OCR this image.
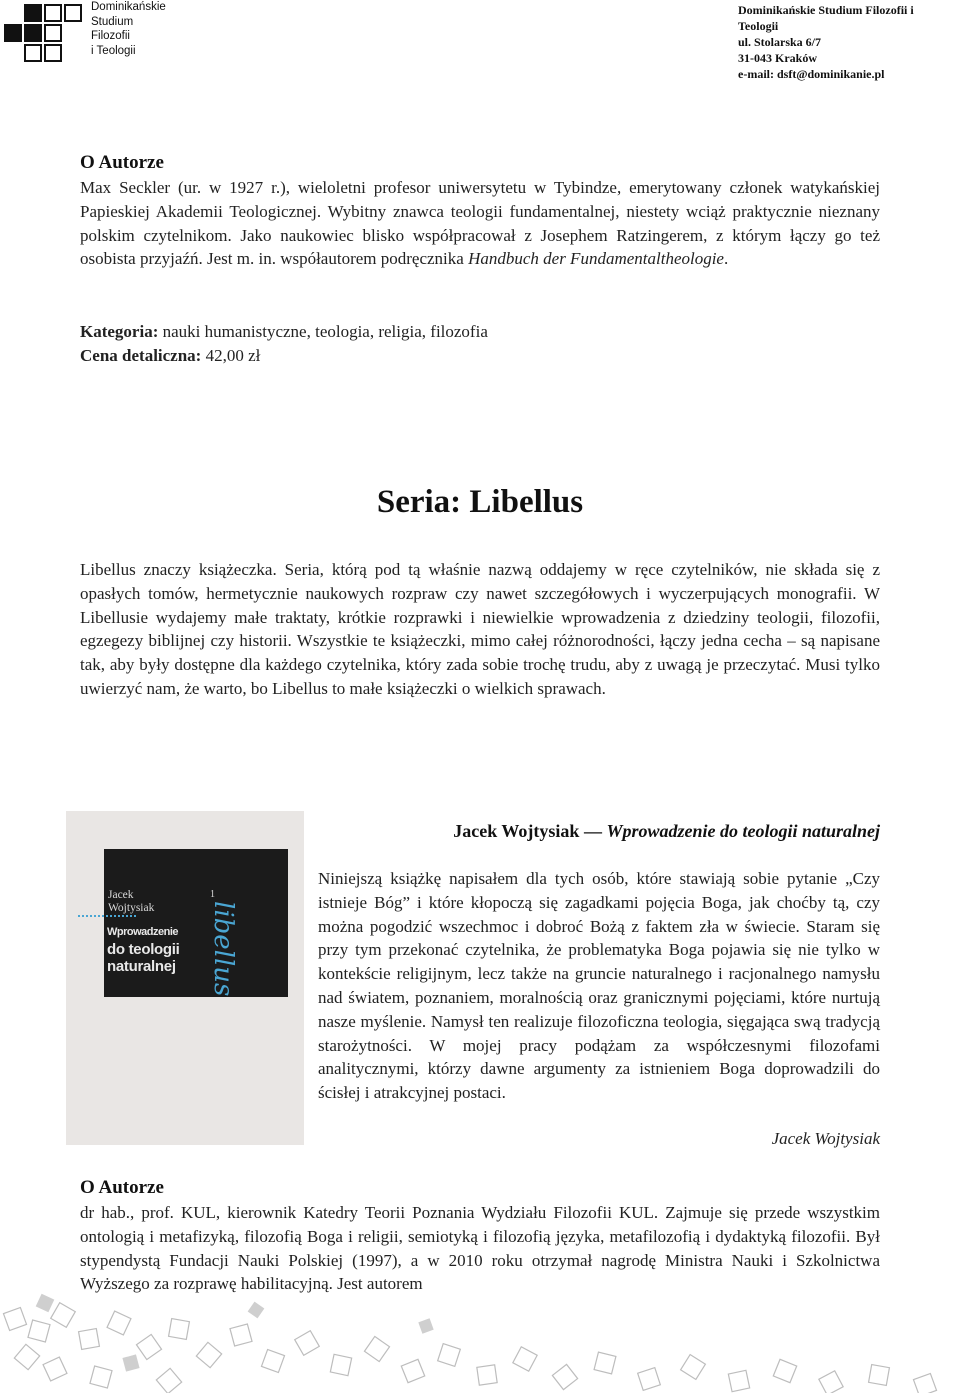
Dominikańskie
Studium
Filozofii
i Teologii
Dominikańskie Studium Filozofii i Teologii
ul. Stolarska 6/7
31-043 Kraków
e-mail: dsft@dominikanie.pl
O Autorze
Max Seckler (ur. w 1927 r.), wieloletni profesor uniwersytetu w Tybindze, emerytowany członek watykańskiej Papieskiej Akademii Teologicznej. Wybitny znawca teologii fundamentalnej, niestety wciąż praktycznie nieznany polskim czytelnikom. Jako naukowiec blisko współpracował z Josephem Ratzingerem, z którym łączy go też osobista przyjaźń. Jest m. in. współautorem podręcznika Handbuch der Fundamentaltheologie.
Kategoria: nauki humanistyczne, teologia, religia, filozofia
Cena detaliczna: 42,00 zł
Seria: Libellus
Libellus znaczy książeczka. Seria, którą pod tą właśnie nazwą oddajemy w ręce czytelników, nie składa się z opasłych tomów, hermetycznie naukowych rozpraw czy nawet szczegółowych i wyczerpujących monografii. W Libellusie wydajemy małe traktaty, krótkie rozprawki i niewielkie wprowadzenia z dziedziny teologii, filozofii, egzegezy biblijnej czy historii. Wszystkie te książeczki, mimo całej różnorodności, łączy jedna cecha – są napisane tak, aby były dostępne dla każdego czytelnika, który zada sobie trochę trudu, aby z uwagą je przeczytać. Musi tylko uwierzyć nam, że warto, bo Libellus to małe książeczki o wielkich sprawach.
Jacek
Wojtysiak
1
Wprowadzenie
do teologii
naturalnej libellus
Jacek Wojtysiak — Wprowadzenie do teologii naturalnej
Niniejszą książkę napisałem dla tych osób, które stawiają sobie pytanie „Czy istnieje Bóg” i które kłopoczą się zagadkami pojęcia Boga, jak choćby tą, czy można pogodzić wszechmoc i dobroć Bożą z faktem zła w świecie. Staram się przy tym przekonać czytelnika, że problematyka Boga pojawia się nie tylko w kontekście religijnym, lecz także na gruncie naturalnego i racjonalnego namysłu nad światem, poznaniem, moralnością oraz granicznymi pojęciami, które nurtują nasze myślenie. Namysł ten realizuje filozoficzna teologia, sięgająca swą tradycją starożytności. W mojej pracy podążam za współczesnymi filozofami analitycznymi, którzy dawne argumenty za istnieniem Boga doprowadzili do ścisłej i atrakcyjnej postaci.
Jacek Wojtysiak
O Autorze
dr hab., prof. KUL, kierownik Katedry Teorii Poznania Wydziału Filozofii KUL. Zajmuje się przede wszystkim ontologią i metafizyką, filozofią Boga i religii, semiotyką i filozofią języka, metafilozofią i dydaktyką filozofii. Był stypendystą Fundacji Nauki Polskiej (1997), a w 2010 roku otrzymał nagrodę Ministra Nauki i Szkolnictwa Wyższego za rozprawę habilitacyjną. Jest autorem
